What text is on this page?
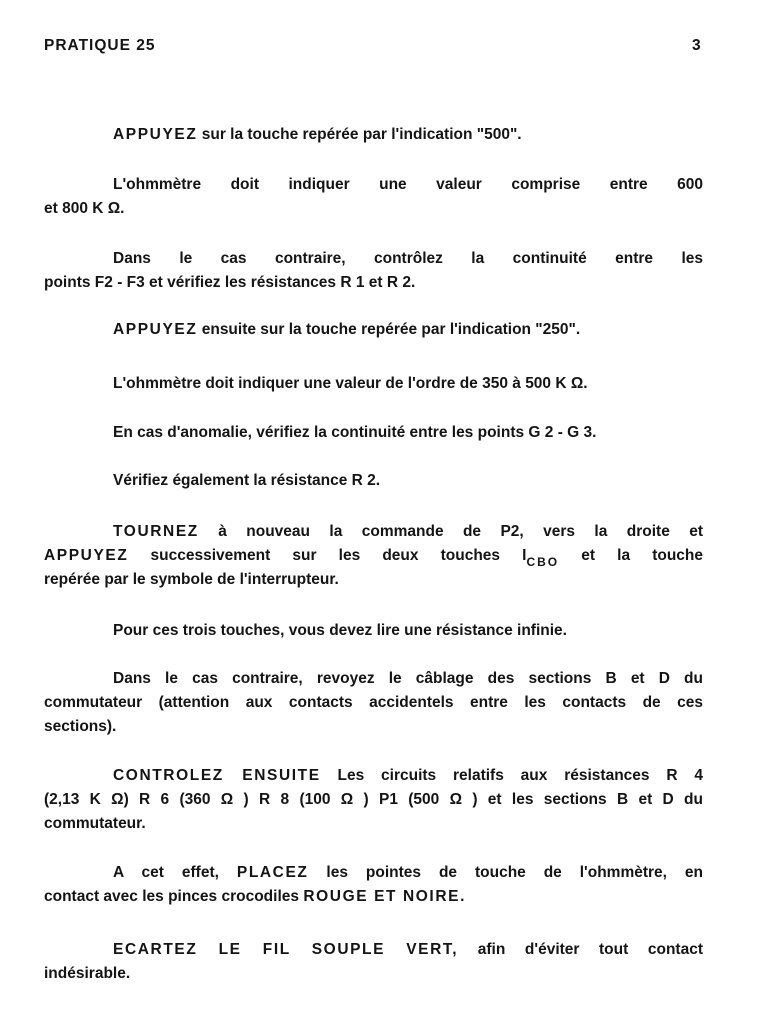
PRATIQUE 25	3
APPUYEZ sur la touche repérée par l'indication "500".
L'ohmmètre doit indiquer une valeur comprise entre 600
et 800 K Ω.
Dans le cas contraire, contrôlez la continuité entre les
points F2 - F3 et vérifiez les résistances R 1 et R 2.
APPUYEZ ensuite sur la touche repérée par l'indication "250".
L'ohmmètre doit indiquer une valeur de l'ordre de 350 à 500 K Ω.
En cas d'anomalie, vérifiez la continuité entre les points G 2 - G 3.
Vérifiez également la résistance R 2.
TOURNEZ à nouveau la commande de P2, vers la droite et
APPUYEZ successivement sur les deux touches $I_{CBO}$ et la touche
repérée par le symbole de l'interrupteur.
Pour ces trois touches, vous devez lire une résistance infinie.
Dans le cas contraire, revoyez le câblage des sections B et D du
commutateur (attention aux contacts accidentels entre les contacts de ces
sections).
CONTROLEZ ENSUITE Les circuits relatifs aux résistances R 4
(2,13 K Ω) R 6 (360 Ω ) R 8 (100 Ω ) P1 (500 Ω ) et les sections B et D du
commutateur.
A cet effet, PLACEZ les pointes de touche de l'ohmmètre, en
contact avec les pinces crocodiles ROUGE ET NOIRE.
ECARTEZ LE FIL SOUPLE VERT, afin d'éviter tout contact
indésirable.
